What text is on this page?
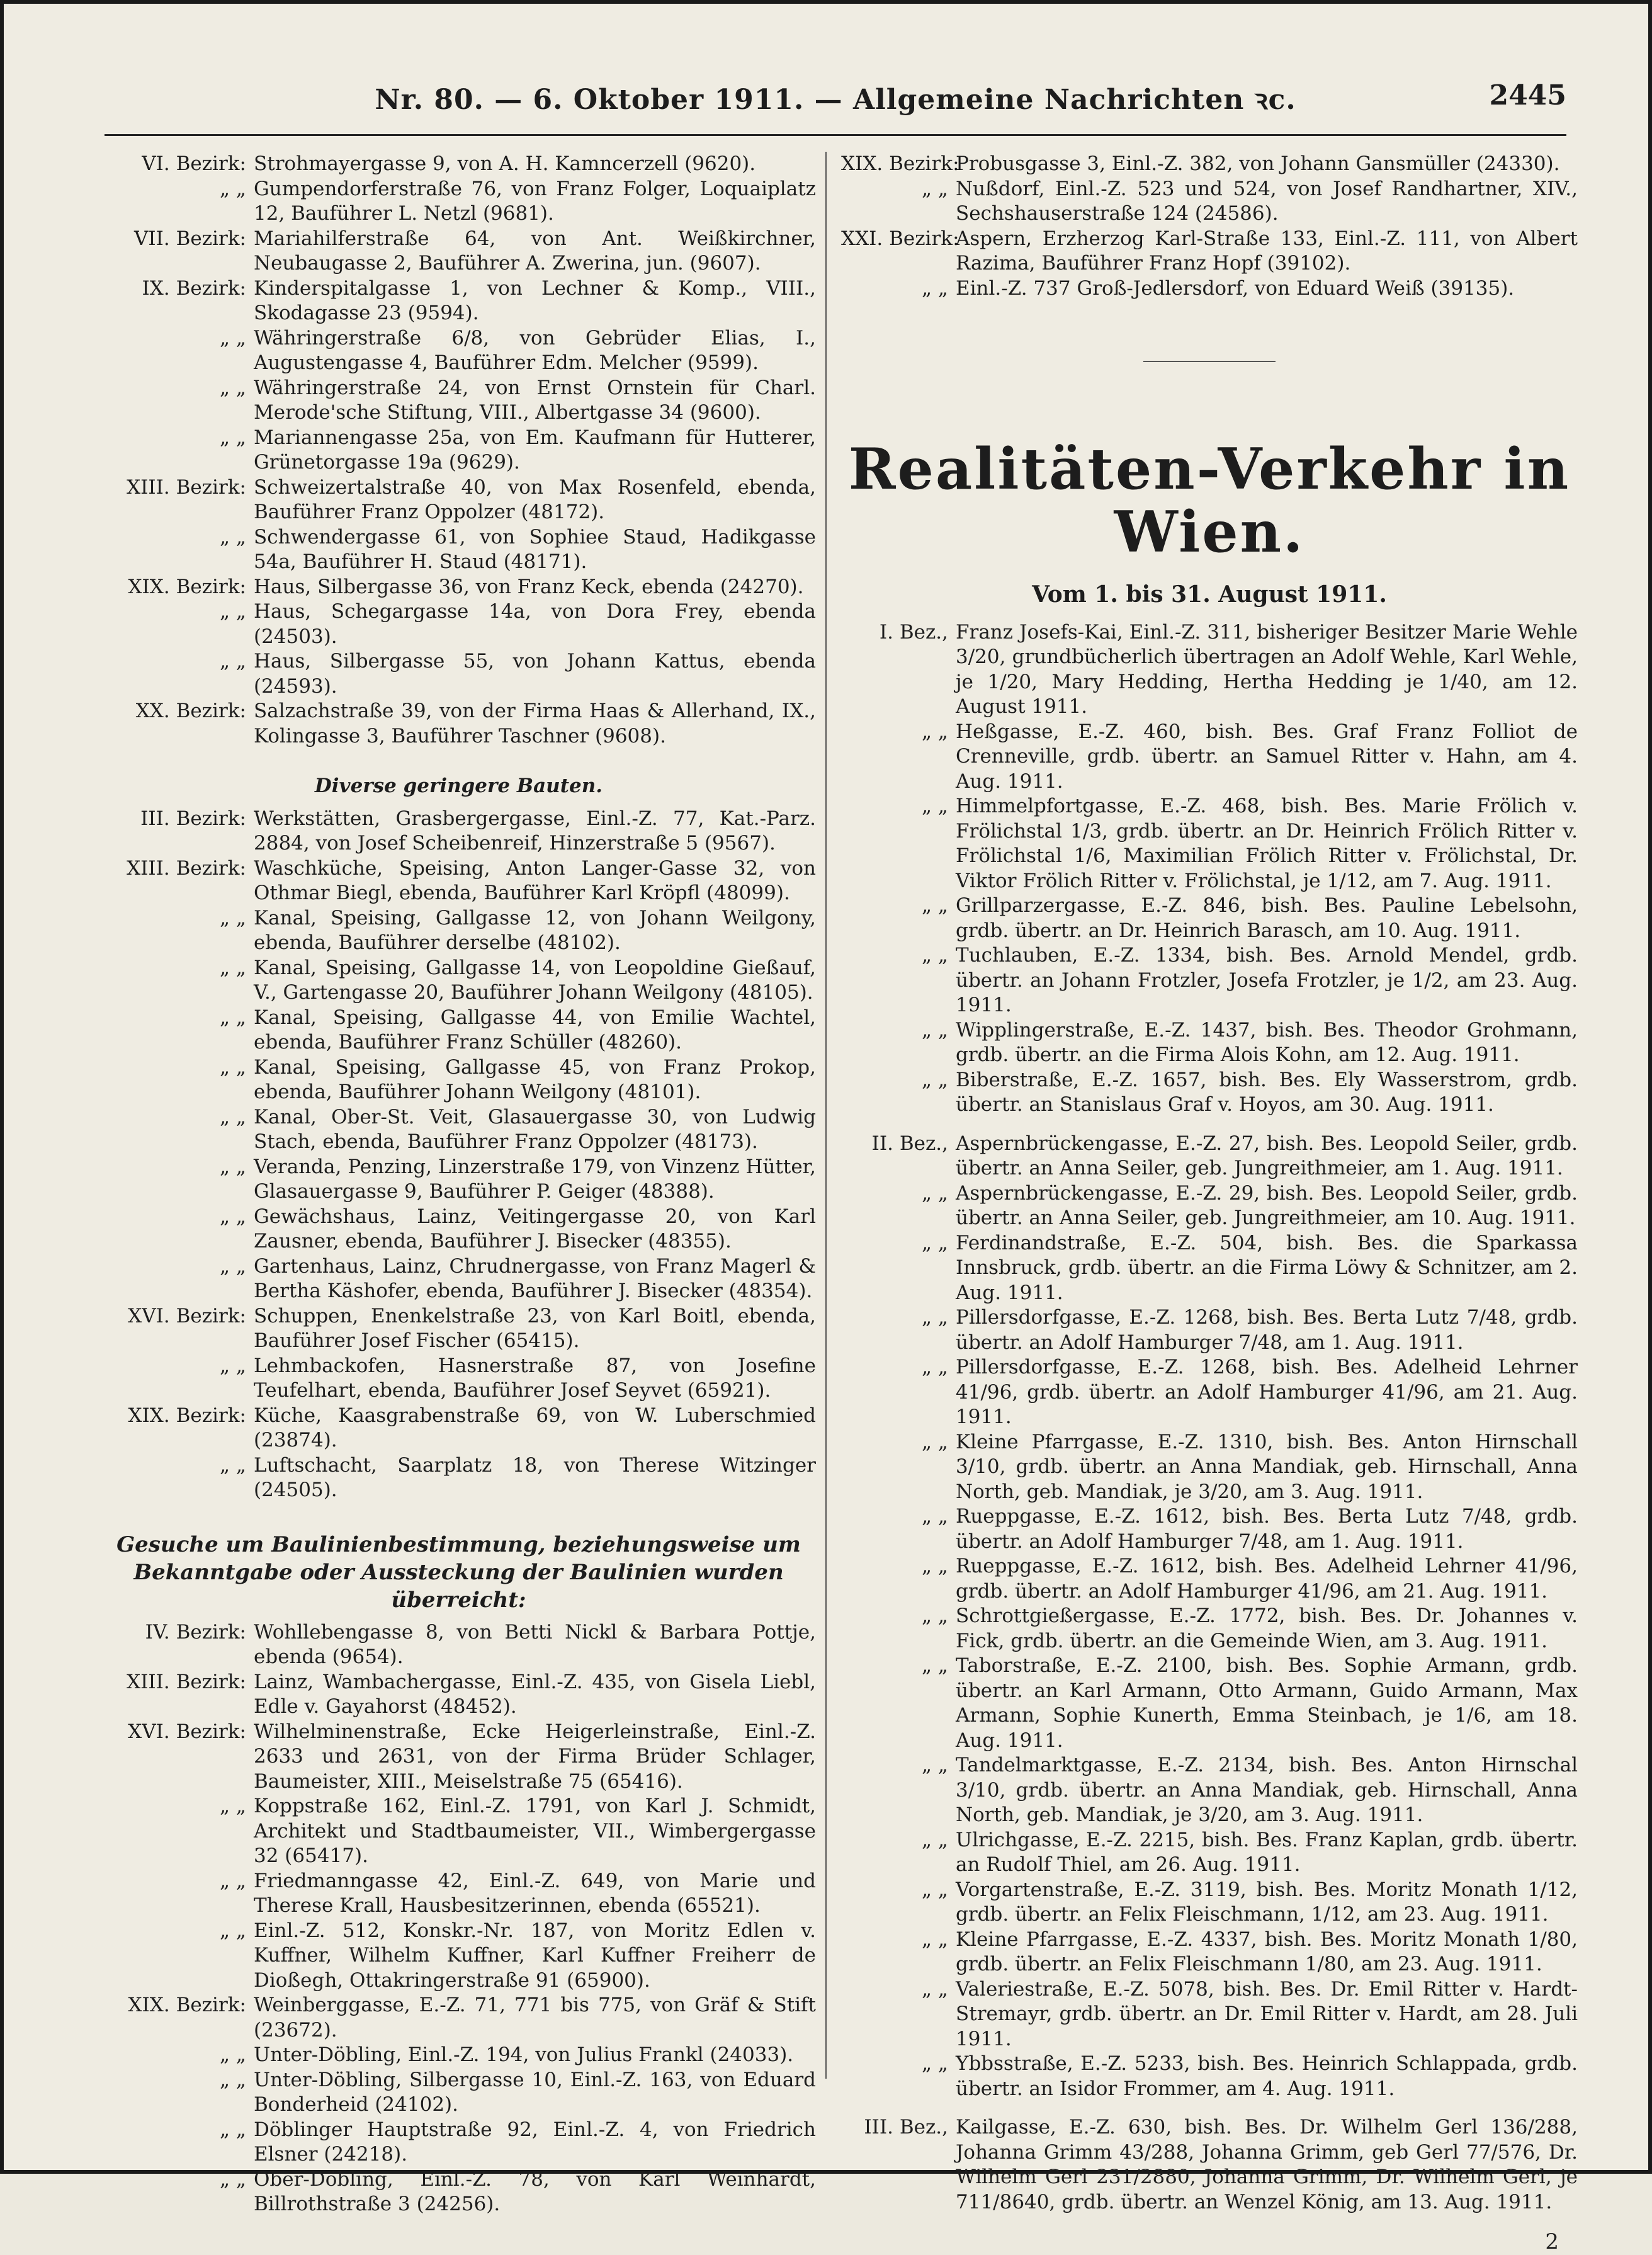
Nr. 80. — 6. Oktober 1911. — Allgemeine Nachrichten ꝛc.	2445
VI. Bezirk: Strohmayergasse 9, von A. H. Kamncerzell (9620).
„ „ Gumpendorferstraße 76, von Franz Folger, Loquaiplatz 12, Bauführer L. Netzl (9681).
VII. Bezirk: Mariahilferstraße 64, von Ant. Weißkirchner, Neubaugasse 2, Bauführer A. Zwerina, jun. (9607).
IX. Bezirk: Kinderspitalgasse 1, von Lechner & Komp., VIII., Skodagasse 23 (9594).
„ „ Währingerstraße 6/8, von Gebrüder Elias, I., Augustengasse 4, Bauführer Edm. Melcher (9599).
„ „ Währingerstraße 24, von Ernst Ornstein für Charl. Merode'sche Stiftung, VIII., Albertgasse 34 (9600).
„ „ Mariannengasse 25a, von Em. Kaufmann für Hutterer, Grünetorgasse 19a (9629).
XIII. Bezirk: Schweizertalstraße 40, von Max Rosenfeld, ebenda, Bauführer Franz Oppolzer (48172).
„ „ Schwendergasse 61, von Sophiee Staud, Hadikgasse 54a, Bauführer H. Staud (48171).
XIX. Bezirk: Haus, Silbergasse 36, von Franz Keck, ebenda (24270).
„ „ Haus, Schegargasse 14a, von Dora Frey, ebenda (24503).
„ „ Haus, Silbergasse 55, von Johann Kattus, ebenda (24593).
XX. Bezirk: Salzachstraße 39, von der Firma Haas & Allerhand, IX., Kolingasse 3, Bauführer Taschner (9608).
Diverse geringere Bauten.
III. Bezirk: Werkstätten, Grasbergergasse, Einl.-Z. 77, Kat.-Parz. 2884, von Josef Scheibenreif, Hinzerstraße 5 (9567).
XIII. Bezirk: Waschküche, Speising, Anton Langer-Gasse 32, von Othmar Biegl, ebenda, Bauführer Karl Kröpfl (48099).
„ „ Kanal, Speising, Gallgasse 12, von Johann Weilgony, ebenda, Bauführer derselbe (48102).
„ „ Kanal, Speising, Gallgasse 14, von Leopoldine Gießauf, V., Gartengasse 20, Bauführer Johann Weilgony (48105).
„ „ Kanal, Speising, Gallgasse 44, von Emilie Wachtel, ebenda, Bauführer Franz Schüller (48260).
„ „ Kanal, Speising, Gallgasse 45, von Franz Prokop, ebenda, Bauführer Johann Weilgony (48101).
„ „ Kanal, Ober-St. Veit, Glasauergasse 30, von Ludwig Stach, ebenda, Bauführer Franz Oppolzer (48173).
„ „ Veranda, Penzing, Linzerstraße 179, von Vinzenz Hütter, Glasauergasse 9, Bauführer P. Geiger (48388).
„ „ Gewächshaus, Lainz, Veitingergasse 20, von Karl Zausner, ebenda, Bauführer J. Bisecker (48355).
„ „ Gartenhaus, Lainz, Chrudnergasse, von Franz Magerl & Bertha Käshofer, ebenda, Bauführer J. Bisecker (48354).
XVI. Bezirk: Schuppen, Enenkelstraße 23, von Karl Boitl, ebenda, Bauführer Josef Fischer (65415).
„ „ Lehmbackofen, Hasnerstraße 87, von Josefine Teufelhart, ebenda, Bauführer Josef Seyvet (65921).
XIX. Bezirk: Küche, Kaasgrabenstraße 69, von W. Luberschmied (23874).
„ „ Luftschacht, Saarplatz 18, von Therese Witzinger (24505).
Gesuche um Baulinienbestimmung, beziehungsweise um Bekanntgabe oder Aussteckung der Baulinien wurden überreicht:
IV. Bezirk: Wohllebengasse 8, von Betti Nickl & Barbara Pottje, ebenda (9654).
XIII. Bezirk: Lainz, Wambachergasse, Einl.-Z. 435, von Gisela Liebl, Edle v. Gayahorst (48452).
XVI. Bezirk: Wilhelminenstraße, Ecke Heigerleinstraße, Einl.-Z. 2633 und 2631, von der Firma Brüder Schlager, Baumeister, XIII., Meiselstraße 75 (65416).
„ „ Koppstraße 162, Einl.-Z. 1791, von Karl J. Schmidt, Architekt und Stadtbaumeister, VII., Wimbergergasse 32 (65417).
„ „ Friedmanngasse 42, Einl.-Z. 649, von Marie und Therese Krall, Hausbesitzerinnen, ebenda (65521).
„ „ Einl.-Z. 512, Konskr.-Nr. 187, von Moritz Edlen v. Kuffner, Wilhelm Kuffner, Karl Kuffner Freiherr de Dioßegh, Ottakringerstraße 91 (65900).
XIX. Bezirk: Weinberggasse, E.-Z. 71, 771 bis 775, von Gräf & Stift (23672).
„ „ Unter-Döbling, Einl.-Z. 194, von Julius Frankl (24033).
„ „ Unter-Döbling, Silbergasse 10, Einl.-Z. 163, von Eduard Bonderheid (24102).
„ „ Döblinger Hauptstraße 92, Einl.-Z. 4, von Friedrich Elsner (24218).
„ „ Ober-Döbling, Einl.-Z. 78, von Karl Weinhardt, Billrothstraße 3 (24256).
XIX. Bezirk:
Probusgasse 3, Einl.-Z. 382, von Johann Gansmüller (24330).
„ „ Nußdorf, Einl.-Z. 523 und 524, von Josef Randhartner, XIV., Sechshauserstraße 124 (24586).
XXI. Bezirk:
Aspern, Erzherzog Karl-Straße 133, Einl.-Z. 111, von Albert Razima, Bauführer Franz Hopf (39102).
„ „ Einl.-Z. 737 Groß-Jedlersdorf, von Eduard Weiß (39135).
Realitäten-Verkehr in Wien.
Vom 1. bis 31. August 1911.
I. Bez., Franz Josefs-Kai, Einl.-Z. 311, bisheriger Besitzer Marie Wehle 3/20, grundbücherlich übertragen an Adolf Wehle, Karl Wehle, je 1/20, Mary Hedding, Hertha Hedding je 1/40, am 12. August 1911.
„ „ Heßgasse, E.-Z. 460, bish. Bes. Graf Franz Folliot de Crenneville, grdb. übertr. an Samuel Ritter v. Hahn, am 4. Aug. 1911.
„ „ Himmelpfortgasse, E.-Z. 468, bish. Bes. Marie Frölich v. Frölichstal 1/3, grdb. übertr. an Dr. Heinrich Frölich Ritter v. Frölichstal 1/6, Maximilian Frölich Ritter v. Frölichstal, Dr. Viktor Frölich Ritter v. Frölichstal, je 1/12, am 7. Aug. 1911.
„ „ Grillparzergasse, E.-Z. 846, bish. Bes. Pauline Lebelsohn, grdb. übertr. an Dr. Heinrich Barasch, am 10. Aug. 1911.
„ „ Tuchlauben, E.-Z. 1334, bish. Bes. Arnold Mendel, grdb. übertr. an Johann Frotzler, Josefa Frotzler, je 1/2, am 23. Aug. 1911.
„ „ Wipplingerstraße, E.-Z. 1437, bish. Bes. Theodor Grohmann, grdb. übertr. an die Firma Alois Kohn, am 12. Aug. 1911.
„ „ Biberstraße, E.-Z. 1657, bish. Bes. Ely Wasserstrom, grdb. übertr. an Stanislaus Graf v. Hoyos, am 30. Aug. 1911.
II. Bez., Aspernbrückengasse, E.-Z. 27, bish. Bes. Leopold Seiler, grdb. übertr. an Anna Seiler, geb. Jungreithmeier, am 1. Aug. 1911.
„ „ Aspernbrückengasse, E.-Z. 29, bish. Bes. Leopold Seiler, grdb. übertr. an Anna Seiler, geb. Jungreithmeier, am 10. Aug. 1911.
„ „ Ferdinandstraße, E.-Z. 504, bish. Bes. die Sparkassa Innsbruck, grdb. übertr. an die Firma Löwy & Schnitzer, am 2. Aug. 1911.
„ „ Pillersdorfgasse, E.-Z. 1268, bish. Bes. Berta Lutz 7/48, grdb. übertr. an Adolf Hamburger 7/48, am 1. Aug. 1911.
„ „ Pillersdorfgasse, E.-Z. 1268, bish. Bes. Adelheid Lehrner 41/96, grdb. übertr. an Adolf Hamburger 41/96, am 21. Aug. 1911.
„ „ Kleine Pfarrgasse, E.-Z. 1310, bish. Bes. Anton Hirnschall 3/10, grdb. übertr. an Anna Mandiak, geb. Hirnschall, Anna North, geb. Mandiak, je 3/20, am 3. Aug. 1911.
„ „ Rueppgasse, E.-Z. 1612, bish. Bes. Berta Lutz 7/48, grdb. übertr. an Adolf Hamburger 7/48, am 1. Aug. 1911.
„ „ Rueppgasse, E.-Z. 1612, bish. Bes. Adelheid Lehrner 41/96, grdb. übertr. an Adolf Hamburger 41/96, am 21. Aug. 1911.
„ „ Schrottgießergasse, E.-Z. 1772, bish. Bes. Dr. Johannes v. Fick, grdb. übertr. an die Gemeinde Wien, am 3. Aug. 1911.
„ „ Taborstraße, E.-Z. 2100, bish. Bes. Sophie Armann, grdb. übertr. an Karl Armann, Otto Armann, Guido Armann, Max Armann, Sophie Kunerth, Emma Steinbach, je 1/6, am 18. Aug. 1911.
„ „ Tandelmarktgasse, E.-Z. 2134, bish. Bes. Anton Hirnschal 3/10, grdb. übertr. an Anna Mandiak, geb. Hirnschall, Anna North, geb. Mandiak, je 3/20, am 3. Aug. 1911.
„ „ Ulrichgasse, E.-Z. 2215, bish. Bes. Franz Kaplan, grdb. übertr. an Rudolf Thiel, am 26. Aug. 1911.
„ „ Vorgartenstraße, E.-Z. 3119, bish. Bes. Moritz Monath 1/12, grdb. übertr. an Felix Fleischmann, 1/12, am 23. Aug. 1911.
„ „ Kleine Pfarrgasse, E.-Z. 4337, bish. Bes. Moritz Monath 1/80, grdb. übertr. an Felix Fleischmann 1/80, am 23. Aug. 1911.
„ „ Valeriestraße, E.-Z. 5078, bish. Bes. Dr. Emil Ritter v. Hardt-Stremayr, grdb. übertr. an Dr. Emil Ritter v. Hardt, am 28. Juli 1911.
„ „ Ybbsstraße, E.-Z. 5233, bish. Bes. Heinrich Schlappada, grdb. übertr. an Isidor Frommer, am 4. Aug. 1911.
III. Bez., Kailgasse, E.-Z. 630, bish. Bes. Dr. Wilhelm Gerl 136/288, Johanna Grimm 43/288, Johanna Grimm, geb Gerl 77/576, Dr. Wilhelm Gerl 231/2880, Johanna Grimm, Dr. Wilhelm Gerl, je 711/8640, grdb. übertr. an Wenzel König, am 13. Aug. 1911.
2
